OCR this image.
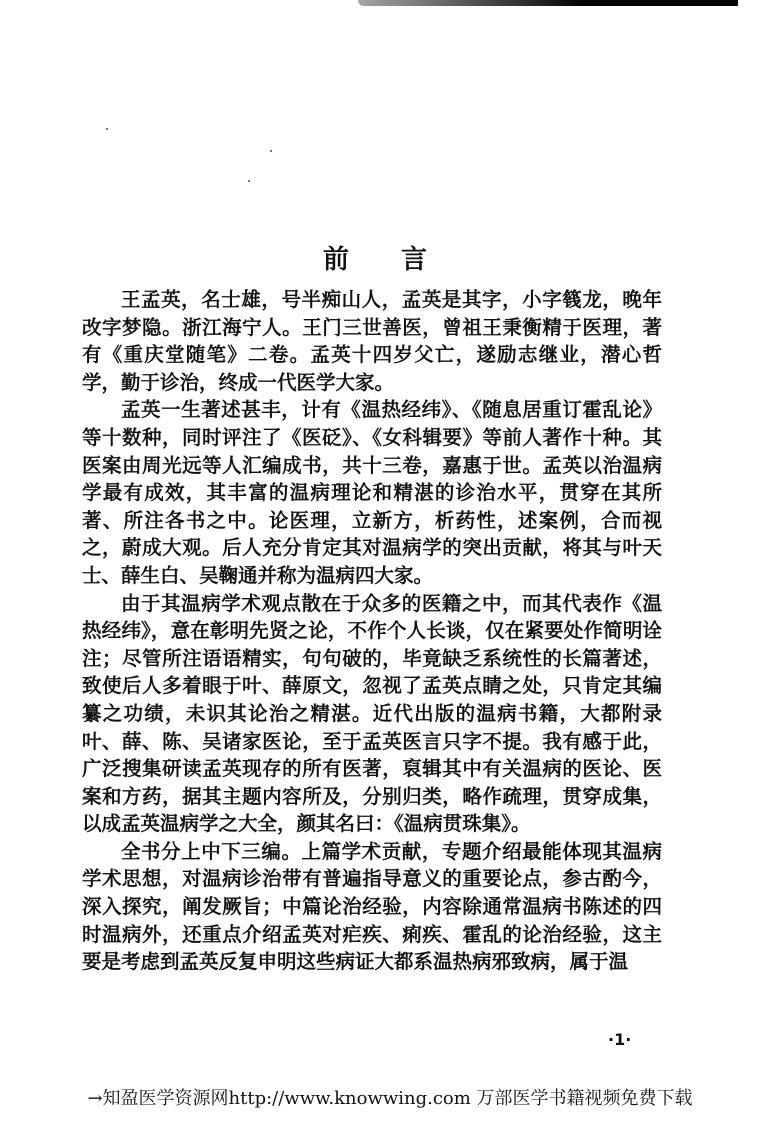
前言

王孟英，名士雄，号半痴山人，孟英是其字，小字篯龙，晚年改字梦隐。浙江海宁人。王门三世善医，曾祖王秉衡精于医理，著有《重庆堂随笔》二卷。孟英十四岁父亡，遂励志继业，潜心哲学，勤于诊治，终成一代医学大家。

孟英一生著述甚丰，计有《温热经纬》、《随息居重订霍乱论》等十数种，同时评注了《医砭》、《女科辑要》等前人著作十种。其医案由周光远等人汇编成书，共十三卷，嘉惠于世。孟英以治温病学最有成效，其丰富的温病理论和精湛的诊治水平，贯穿在其所著、所注各书之中。论医理，立新方，析药性，述案例，合而视之，蔚成大观。后人充分肯定其对温病学的突出贡献，将其与叶天士、薛生白、吴鞠通并称为温病四大家。

由于其温病学术观点散在于众多的医籍之中，而其代表作《温热经纬》，意在彰明先贤之论，不作个人长谈，仅在紧要处作简明诠注；尽管所注语语精实，句句破的，毕竟缺乏系统性的长篇著述，致使后人多着眼于叶、薛原文，忽视了孟英点睛之处，只肯定其编纂之功绩，未识其论治之精湛。近代出版的温病书籍，大都附录叶、薛、陈、吴诸家医论，至于孟英医言只字不提。我有感于此，广泛搜集研读孟英现存的所有医著，裒辑其中有关温病的医论、医案和方药，据其主题内容所及，分别归类，略作疏理，贯穿成集，以成孟英温病学之大全，颜其名曰：《温病贯珠集》。

全书分上中下三编。上篇学术贡献，专题介绍最能体现其温病学术思想，对温病诊治带有普遍指导意义的重要论点，参古酌今，深入探究，阐发厥旨；中篇论治经验，内容除通常温病书陈述的四时温病外，还重点介绍孟英对疟疾、痢疾、霍乱的论治经验，这主要是考虑到孟英反复申明这些病证大都系温热病邪致病，属于温

·1·
→知盈医学资源网http://www.knowwing.com 万部医学书籍视频免费下载
